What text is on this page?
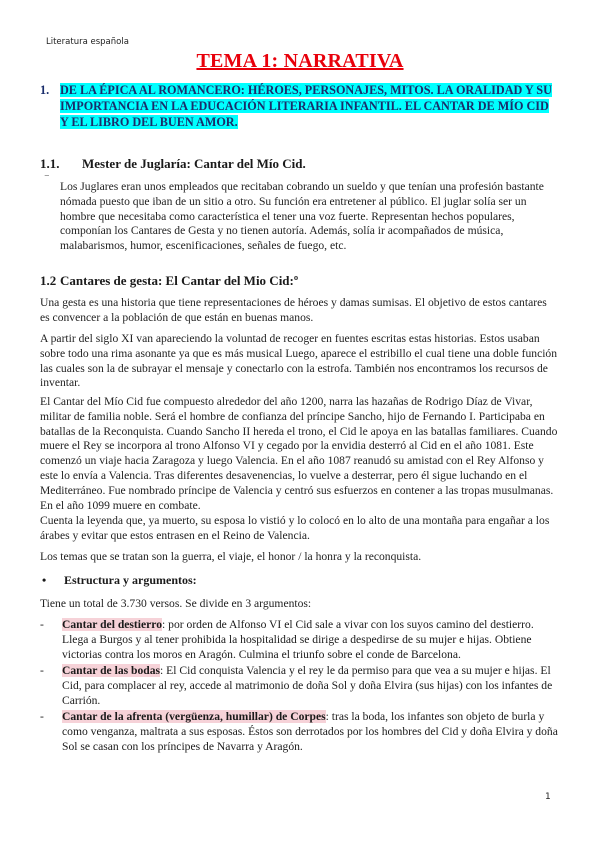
Literatura española
TEMA 1: NARRATIVA
1. DE LA ÉPICA AL ROMANCERO: HÉROES, PERSONAJES, MITOS. LA ORALIDAD Y SU IMPORTANCIA EN LA EDUCACIÓN LITERARIA INFANTIL. EL CANTAR DE MÍO CID Y EL LIBRO DEL BUEN AMOR.
1.1. Mester de Juglaría: Cantar del Mío Cid.
‾ Los Juglares eran unos empleados que recitaban cobrando un sueldo y que tenían una profesión bastante nómada puesto que iban de un sitio a otro. Su función era entretener al público. El juglar solía ser un hombre que necesitaba como característica el tener una voz fuerte. Representan hechos populares, componían los Cantares de Gesta y no tienen autoría. Además, solía ir acompañados de música, malabarismos, humor, escenificaciones, señales de fuego, etc.
1.2 Cantares de gesta: El Cantar del Mio Cid:º
Una gesta es una historia que tiene representaciones de héroes y damas sumisas. El objetivo de estos cantares es convencer a la población de que están en buenas manos.
A partir del siglo XI van apareciendo la voluntad de recoger en fuentes escritas estas historias. Estos usaban sobre todo una rima asonante ya que es más musical Luego, aparece el estribillo el cual tiene una doble función las cuales son la de subrayar el mensaje y conectarlo con la estrofa. También nos encontramos los recursos de inventar.
El Cantar del Mío Cid fue compuesto alrededor del año 1200, narra las hazañas de Rodrigo Díaz de Vivar, militar de familia noble. Será el hombre de confianza del príncipe Sancho, hijo de Fernando I. Participaba en batallas de la Reconquista. Cuando Sancho II hereda el trono, el Cid le apoya en las batallas familiares. Cuando muere el Rey se incorpora al trono Alfonso VI y cegado por la envidia desterró al Cid en el año 1081. Este comenzó un viaje hacia Zaragoza y luego Valencia. En el año 1087 reanudó su amistad con el Rey Alfonso y este lo envía a Valencia. Tras diferentes desavenencias, lo vuelve a desterrar, pero él sigue luchando en el Mediterráneo. Fue nombrado príncipe de Valencia y centró sus esfuerzos en contener a las tropas musulmanas. En el año 1099 muere en combate.
Cuenta la leyenda que, ya muerto, su esposa lo vistió y lo colocó en lo alto de una montaña para engañar a los árabes y evitar que estos entrasen en el Reino de Valencia.
Los temas que se tratan son la guerra, el viaje, el honor / la honra y la reconquista.
• Estructura y argumentos:
Tiene un total de 3.730 versos. Se divide en 3 argumentos:
-	Cantar del destierro: por orden de Alfonso VI el Cid sale a vivar con los suyos camino del destierro. Llega a Burgos y al tener prohibida la hospitalidad se dirige a despedirse de su mujer e hijas. Obtiene victorias contra los moros en Aragón. Culmina el triunfo sobre el conde de Barcelona.
-	Cantar de las bodas: El Cid conquista Valencia y el rey le da permiso para que vea a su mujer e hijas. El Cid, para complacer al rey, accede al matrimonio de doña Sol y doña Elvira (sus hijas) con los infantes de Carrión.
-	Cantar de la afrenta (vergüenza, humillar) de Corpes: tras la boda, los infantes son objeto de burla y como venganza, maltrata a sus esposas. Éstos son derrotados por los hombres del Cid y doña Elvira y doña Sol se casan con los príncipes de Navarra y Aragón.
1
